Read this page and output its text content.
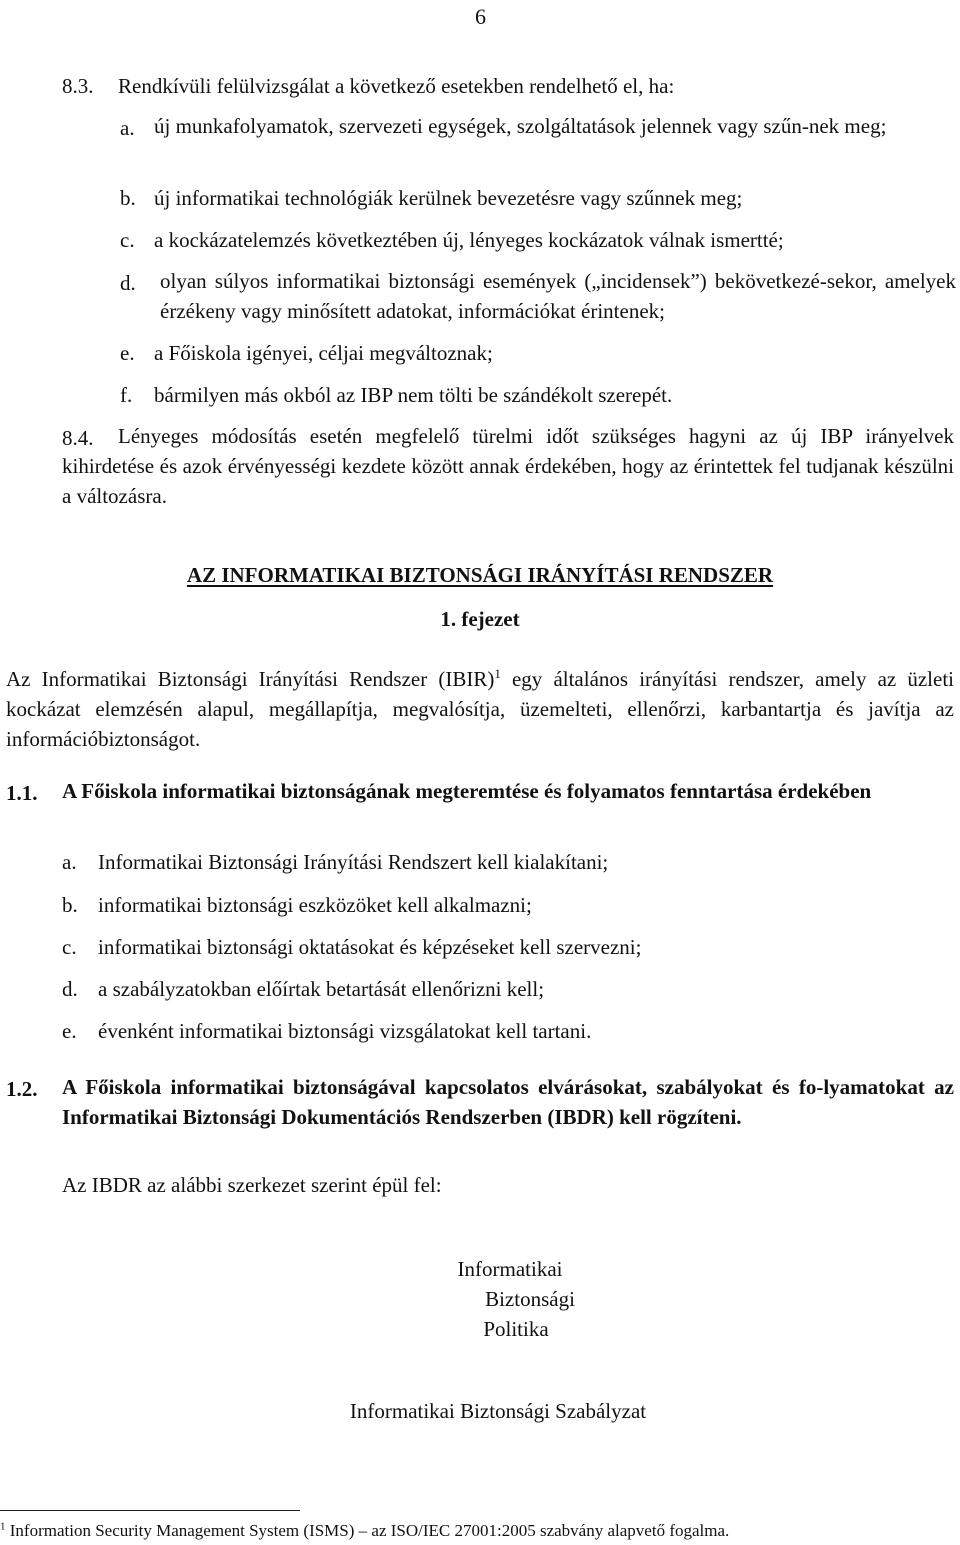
6
8.3. Rendkívüli felülvizsgálat a következő esetekben rendelhető el, ha:
a. új munkafolyamatok, szervezeti egységek, szolgáltatások jelennek vagy szűn-nek meg;
b. új informatikai technológiák kerülnek bevezetésre vagy szűnnek meg;
c. a kockázatelemzés következtében új, lényeges kockázatok válnak ismertté;
d. olyan súlyos informatikai biztonsági események („incidensek”) bekövetkezé-sekor, amelyek érzékeny vagy minősített adatokat, információkat érintenek;
e. a Főiskola igényei, céljai megváltoznak;
f. bármilyen más okból az IBP nem tölti be szándékolt szerepét.
8.4.	Lényeges módosítás esetén megfelelő türelmi időt szükséges hagyni az új IBP irányelvek kihirdetése és azok érvényességi kezdete között annak érdekében, hogy az érintettek fel tudjanak készülni a változásra.
AZ INFORMATIKAI BIZTONSÁGI IRÁNYÍTÁSI RENDSZER
1. fejezet
Az Informatikai Biztonsági Irányítási Rendszer (IBIR)$^1$ egy általános irányítási rendszer, amely az üzleti kockázat elemzésén alapul, megállapítja, megvalósítja, üzemelteti, ellenőrzi, karbantartja és javítja az információbiztonságot.
1.1. A Főiskola informatikai biztonságának megteremtése és folyamatos fenntartása érdekében
a. Informatikai Biztonsági Irányítási Rendszert kell kialakítani;
b. informatikai biztonsági eszközöket kell alkalmazni;
c. informatikai biztonsági oktatásokat és képzéseket kell szervezni;
d. a szabályzatokban előírtak betartását ellenőrizni kell;
e. évenként informatikai biztonsági vizsgálatokat kell tartani.
1.2. A Főiskola informatikai biztonságával kapcsolatos elvárásokat, szabályokat és fo-lyamatokat az Informatikai Biztonsági Dokumentációs Rendszerben (IBDR) kell rögzíteni.
Az IBDR az alábbi szerkezet szerint épül fel:
Informatikai
Biztonsági
Politika
Informatikai Biztonsági Szabályzat
$^1$ Information Security Management System (ISMS) – az ISO/IEC 27001:2005 szabvány alapvető fogalma.
